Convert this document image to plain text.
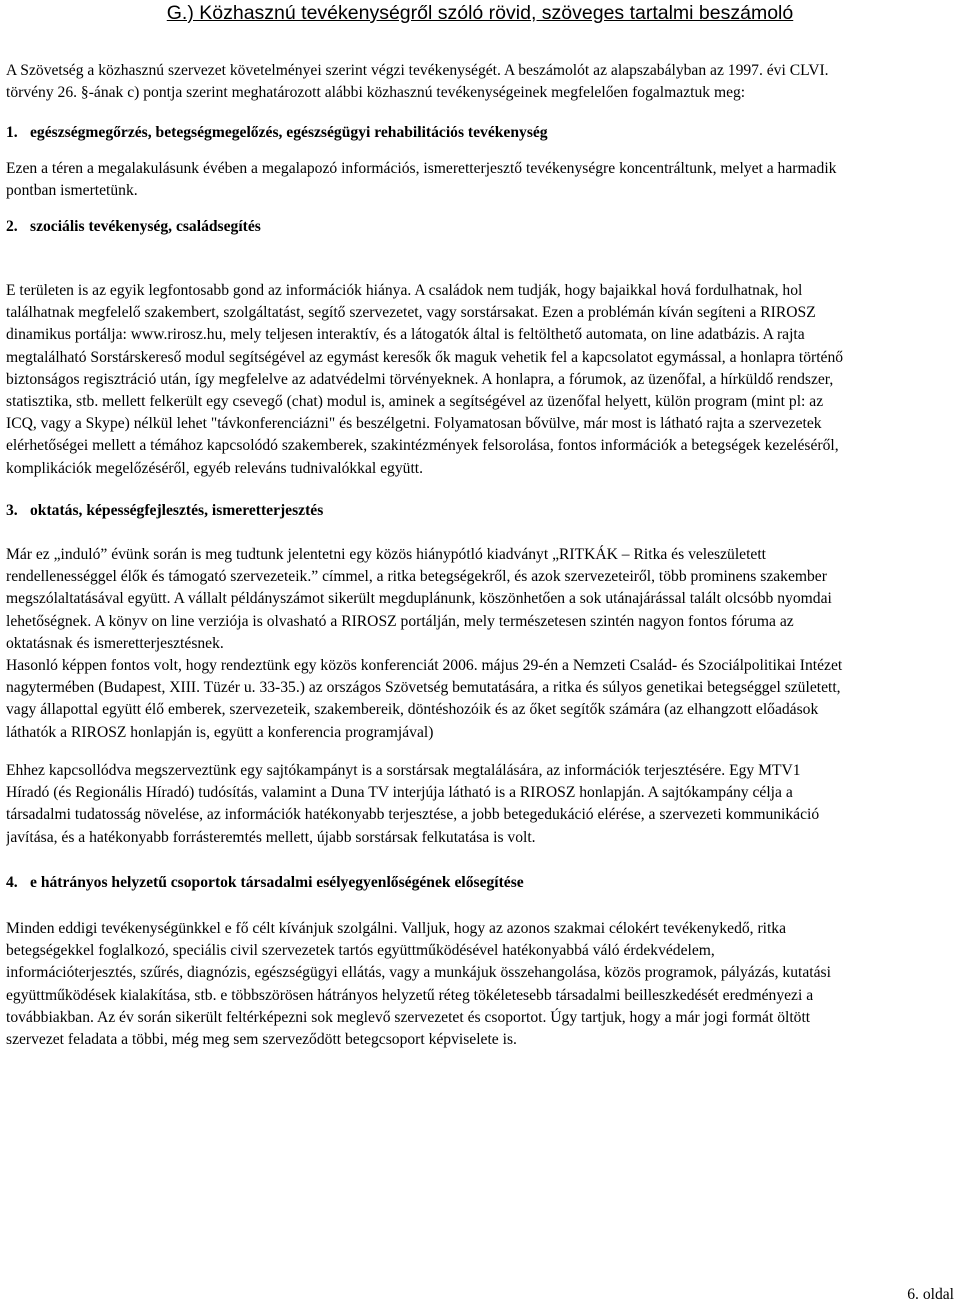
G.) Közhasznú tevékenységről szóló rövid, szöveges tartalmi beszámoló
A Szövetség a közhasznú szervezet követelményei szerint végzi tevékenységét. A beszámolót az alapszabályban az 1997. évi CLVI.
törvény 26. §-ának c) pontja szerint meghatározott alábbi közhasznú tevékenységeinek megfelelően fogalmaztuk meg:
1. egészségmegőrzés, betegségmegelőzés, egészségügyi rehabilitációs tevékenység
Ezen a téren a megalakulásunk évében a megalapozó információs, ismeretterjesztő tevékenységre koncentráltunk, melyet a harmadik
pontban ismertetünk.
2. szociális tevékenység, családsegítés
E területen is az egyik legfontosabb gond az információk hiánya. A családok nem tudják, hogy bajaikkal hová fordulhatnak, hol
találhatnak megfelelő szakembert, szolgáltatást, segítő szervezetet, vagy sorstársakat. Ezen a problémán kíván segíteni a RIROSZ
dinamikus portálja: www.rirosz.hu, mely teljesen interaktív, és a látogatók által is feltölthető automata, on line adatbázis. A rajta
megtalálható Sorstárskereső modul segítségével az egymást keresők ők maguk vehetik fel a kapcsolatot egymással, a honlapra történő
biztonságos regisztráció után, így megfelelve az adatvédelmi törvényeknek. A honlapra, a fórumok, az üzenőfal, a hírküldő rendszer,
statisztika, stb. mellett felkerült egy csevegő (chat) modul is, aminek a segítségével az üzenőfal helyett, külön program (mint pl: az
ICQ, vagy a Skype) nélkül lehet "távkonferenciázni" és beszélgetni. Folyamatosan bővülve, már most is látható rajta a szervezetek
elérhetőségei mellett a témához kapcsolódó szakemberek, szakintézmények felsorolása, fontos információk a betegségek kezeléséről,
komplikációk megelőzéséről, egyéb releváns tudnivalókkal együtt.
3. oktatás, képességfejlesztés, ismeretterjesztés
Már ez „induló” évünk során is meg tudtunk jelentetni egy közös hiánypótló kiadványt „RITKÁK – Ritka és veleszületett
rendellenességgel élők és támogató szervezeteik.” címmel, a ritka betegségekről, és azok szervezeteiről, több prominens szakember
megszólaltatásával együtt. A vállalt példányszámot sikerült megduplánunk, köszönhetően a sok utánajárással talált olcsóbb nyomdai
lehetőségnek. A könyv on line verziója is olvasható a RIROSZ portálján, mely természetesen szintén nagyon fontos fóruma az
oktatásnak és ismeretterjesztésnek.
Hasonló képpen fontos volt, hogy rendeztünk egy közös konferenciát 2006. május 29-én a Nemzeti Család- és Szociálpolitikai Intézet
nagytermében (Budapest, XIII. Tüzér u. 33-35.) az országos Szövetség bemutatására, a ritka és súlyos genetikai betegséggel született,
vagy állapottal együtt élő emberek, szervezeteik, szakembereik, döntéshozóik és az őket segítők számára (az elhangzott előadások
láthatók a RIROSZ honlapján is, együtt a konferencia programjával)
Ehhez kapcsollódva megszerveztünk egy sajtókampányt is a sorstársak megtalálására, az információk terjesztésére. Egy MTV1
Híradó (és Regionális Híradó) tudósítás, valamint a Duna TV interjúja látható is a RIROSZ honlapján. A sajtókampány célja a
társadalmi tudatosság növelése, az információk hatékonyabb terjesztése, a jobb betegedukáció elérése, a szervezeti kommunikáció
javítása, és a hatékonyabb forrásteremtés mellett, újabb sorstársak felkutatása is volt.
4. e hátrányos helyzetű csoportok társadalmi esélyegyenlőségének elősegítése
Minden eddigi tevékenységünkkel e fő célt kívánjuk szolgálni. Valljuk, hogy az azonos szakmai célokért tevékenykedő, ritka
betegségekkel foglalkozó, speciális civil szervezetek tartós együttműködésével hatékonyabbá váló érdekvédelem,
információterjesztés, szűrés, diagnózis, egészségügyi ellátás, vagy a munkájuk összehangolása, közös programok, pályázás, kutatási
együttműködések kialakítása, stb. e többszörösen hátrányos helyzetű réteg tökéletesebb társadalmi beilleszkedését eredményezi a
továbbiakban. Az év során sikerült feltérképezni sok meglevő szervezetet és csoportot. Úgy tartjuk, hogy a már jogi formát öltött
szervezet feladata a többi, még meg sem szerveződött betegcsoport képviselete is.
6. oldal
